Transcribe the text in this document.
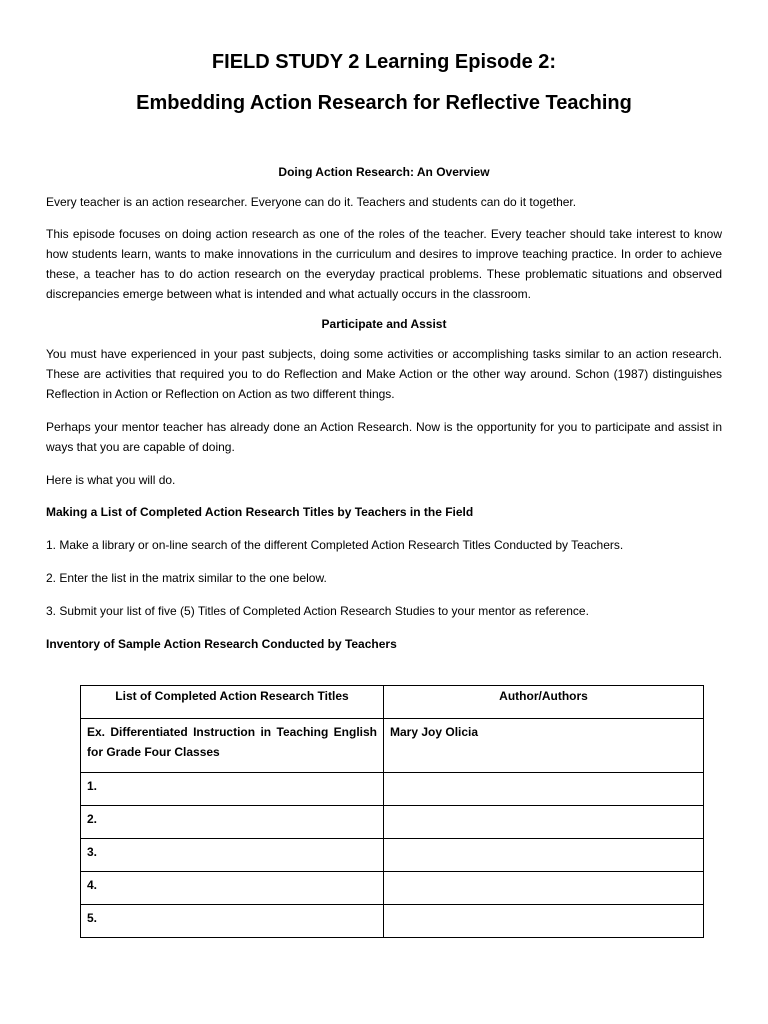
FIELD STUDY 2 Learning Episode 2:
Embedding Action Research for Reflective Teaching

Doing Action Research: An Overview

Every teacher is an action researcher. Everyone can do it. Teachers and students can do it together.

This episode focuses on doing action research as one of the roles of the teacher. Every teacher should take interest to know how students learn, wants to make innovations in the curriculum and desires to improve teaching practice. In order to achieve these, a teacher has to do action research on the everyday practical problems. These problematic situations and observed discrepancies emerge between what is intended and what actually occurs in the classroom.

Participate and Assist

You must have experienced in your past subjects, doing some activities or accomplishing tasks similar to an action research. These are activities that required you to do Reflection and Make Action or the other way around. Schon (1987) distinguishes Reflection in Action or Reflection on Action as two different things.

Perhaps your mentor teacher has already done an Action Research. Now is the opportunity for you to participate and assist in ways that you are capable of doing.

Here is what you will do.

Making a List of Completed Action Research Titles by Teachers in the Field

1. Make a library or on-line search of the different Completed Action Research Titles Conducted by Teachers.

2. Enter the list in the matrix similar to the one below.

3. Submit your list of five (5) Titles of Completed Action Research Studies to your mentor as reference.

Inventory of Sample Action Research Conducted by Teachers

List of Completed Action Research Titles	Author/Authors
Ex. Differentiated Instruction in Teaching English for Grade Four Classes	Mary Joy Olicia
1.	
2.	
3.	
4.	
5.	
